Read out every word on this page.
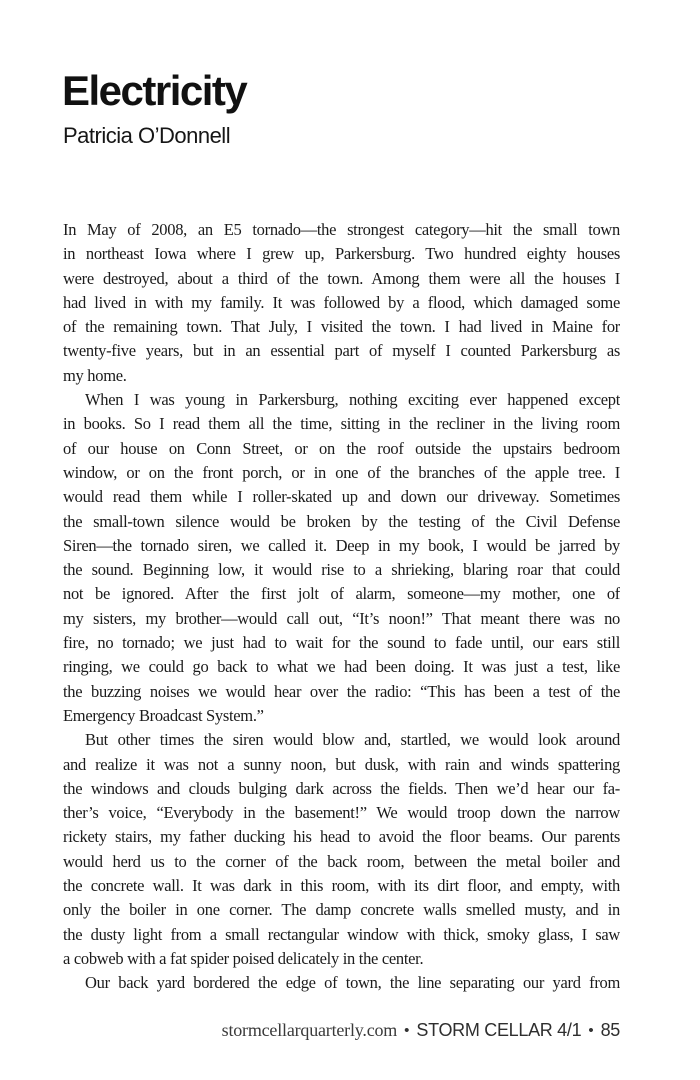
Electricity
Patricia O’Donnell
In May of 2008, an E5 tornado—the strongest category—hit the small town
in northeast Iowa where I grew up, Parkersburg. Two hundred eighty houses
were destroyed, about a third of the town. Among them were all the houses I
had lived in with my family. It was followed by a flood, which damaged some
of the remaining town. That July, I visited the town. I had lived in Maine for
twenty-five years, but in an essential part of myself I counted Parkersburg as
my home.
When I was young in Parkersburg, nothing exciting ever happened except
in books. So I read them all the time, sitting in the recliner in the living room
of our house on Conn Street, or on the roof outside the upstairs bedroom
window, or on the front porch, or in one of the branches of the apple tree. I
would read them while I roller-skated up and down our driveway. Sometimes
the small-town silence would be broken by the testing of the Civil Defense
Siren—the tornado siren, we called it. Deep in my book, I would be jarred by
the sound. Beginning low, it would rise to a shrieking, blaring roar that could
not be ignored. After the first jolt of alarm, someone—my mother, one of
my sisters, my brother—would call out, “It’s noon!” That meant there was no
fire, no tornado; we just had to wait for the sound to fade until, our ears still
ringing, we could go back to what we had been doing. It was just a test, like
the buzzing noises we would hear over the radio: “This has been a test of the
Emergency Broadcast System.”
But other times the siren would blow and, startled, we would look around
and realize it was not a sunny noon, but dusk, with rain and winds spattering
the windows and clouds bulging dark across the fields. Then we’d hear our fa-
ther’s voice, “Everybody in the basement!” We would troop down the narrow
rickety stairs, my father ducking his head to avoid the floor beams. Our parents
would herd us to the corner of the back room, between the metal boiler and
the concrete wall. It was dark in this room, with its dirt floor, and empty, with
only the boiler in one corner. The damp concrete walls smelled musty, and in
the dusty light from a small rectangular window with thick, smoky glass, I saw
a cobweb with a fat spider poised delicately in the center.
Our back yard bordered the edge of town, the line separating our yard from
stormcellarquarterly.com • STORM CELLAR 4/1 • 85
